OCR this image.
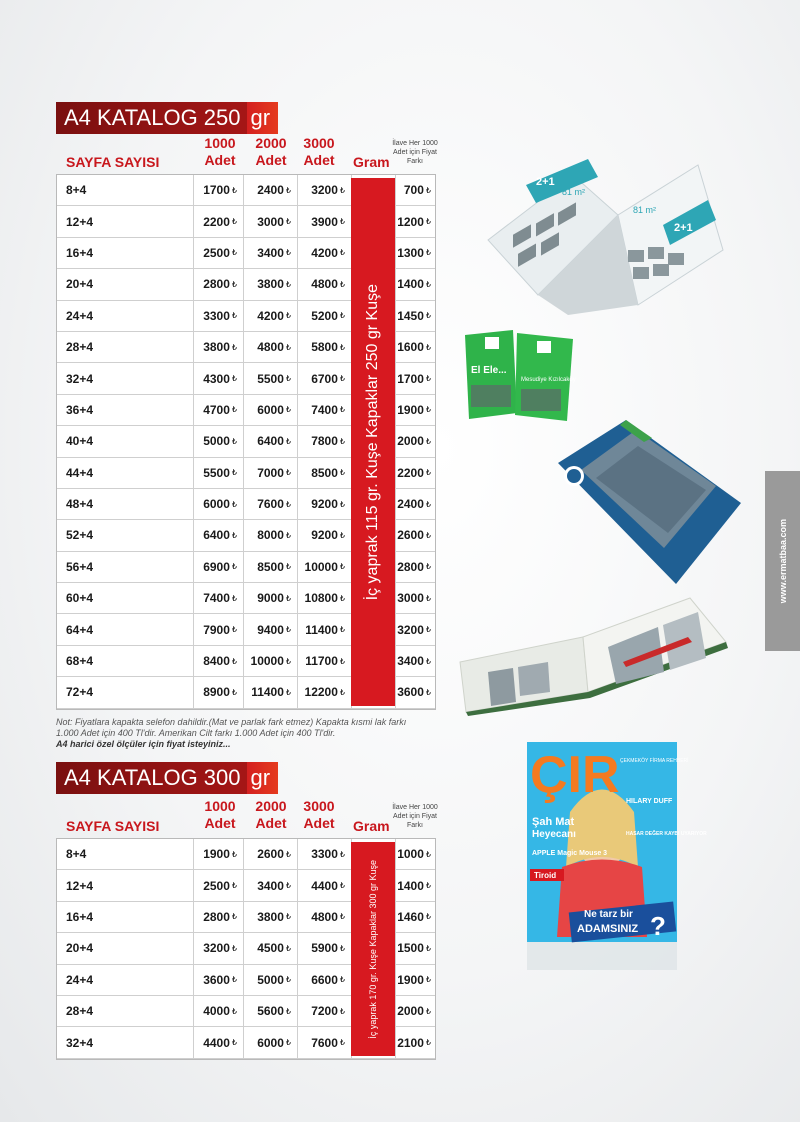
A4 KATALOG 250 gr
SAYFA SAYISI
1000 Adet
2000 Adet
3000 Adet	Gram
İlave Her 1000 Adet için Fiyat Farkı
8+4	1700 ₺ 2400 ₺ 3200 ₺	700 ₺
12+4	2200 ₺ 3000 ₺ 3900 ₺	1200 ₺
16+4	2500 ₺ 3400 ₺ 4200 ₺	1300 ₺
20+4	2800 ₺ 3800 ₺ 4800 ₺	1400 ₺
24+4	3300 ₺ 4200 ₺ 5200 ₺	1450 ₺
28+4	3800 ₺ 4800 ₺ 5800 ₺	1600 ₺
32+4	4300 ₺ 5500 ₺ 6700 ₺	1700 ₺
36+4	4700 ₺ 6000 ₺ 7400 ₺	1900 ₺
40+4	5000 ₺ 6400 ₺ 7800 ₺	2000 ₺
44+4	5500 ₺ 7000 ₺ 8500 ₺	2200 ₺
48+4	6000 ₺ 7600 ₺ 9200 ₺	2400 ₺
52+4	6400 ₺ 8000 ₺ 9200 ₺	2600 ₺
56+4	6900 ₺ 8500 ₺ 10000 ₺	2800 ₺
60+4	7400 ₺ 9000 ₺ 10800 ₺	3000 ₺
64+4	7900 ₺ 9400 ₺ 11400 ₺	3200 ₺
68+4	8400 ₺ 10000 ₺ 11700 ₺	3400 ₺
72+4	8900 ₺ 11400 ₺ 12200 ₺	3600 ₺
İç yaprak 115 gr. Kuşe Kapaklar 250 gr Kuşe
Not: Fiyatlara kapakta selefon dahildir.(Mat ve parlak fark etmez) Kapakta kısmi lak farkı
1.000 Adet için 400 Tl'dir. Amerikan Cilt farkı 1.000 Adet için 400 Tl'dir.
A4 harici özel ölçüler için fiyat isteyiniz...
A4 KATALOG 300 gr
SAYFA SAYISI
1000 Adet
2000 Adet
3000 Adet	Gram
İlave Her 1000 Adet için Fiyat Farkı
8+4	1900 ₺ 2600 ₺ 3300 ₺	1000 ₺
12+4	2500 ₺ 3400 ₺ 4400 ₺	1400 ₺
16+4	2800 ₺ 3800 ₺ 4800 ₺	1460 ₺
20+4	3200 ₺ 4500 ₺ 5900 ₺	1500 ₺
24+4	3600 ₺ 5000 ₺ 6600 ₺	1900 ₺
28+4	4000 ₺ 5600 ₺ 7200 ₺	2000 ₺
32+4	4400 ₺ 6000 ₺ 7600 ₺	2100 ₺
İç yaprak 170 gr. Kuşe Kapaklar 300 gr Kuşe
www.ermatbaa.com
2+1
81 m²
2+1
81 m²
El Ele...
Mesudiye Kızılcaköy
ÇIR ÇEKMEKÖY FİRMA REHBERİ
HILARY DUFF
Şah Mat
Heyecanı	HASAR DEĞER KAYBI UYARIYOR
APPLE Magic Mouse 3
Tiroid
Ne tarz bir
ADAMSINIZ ?
